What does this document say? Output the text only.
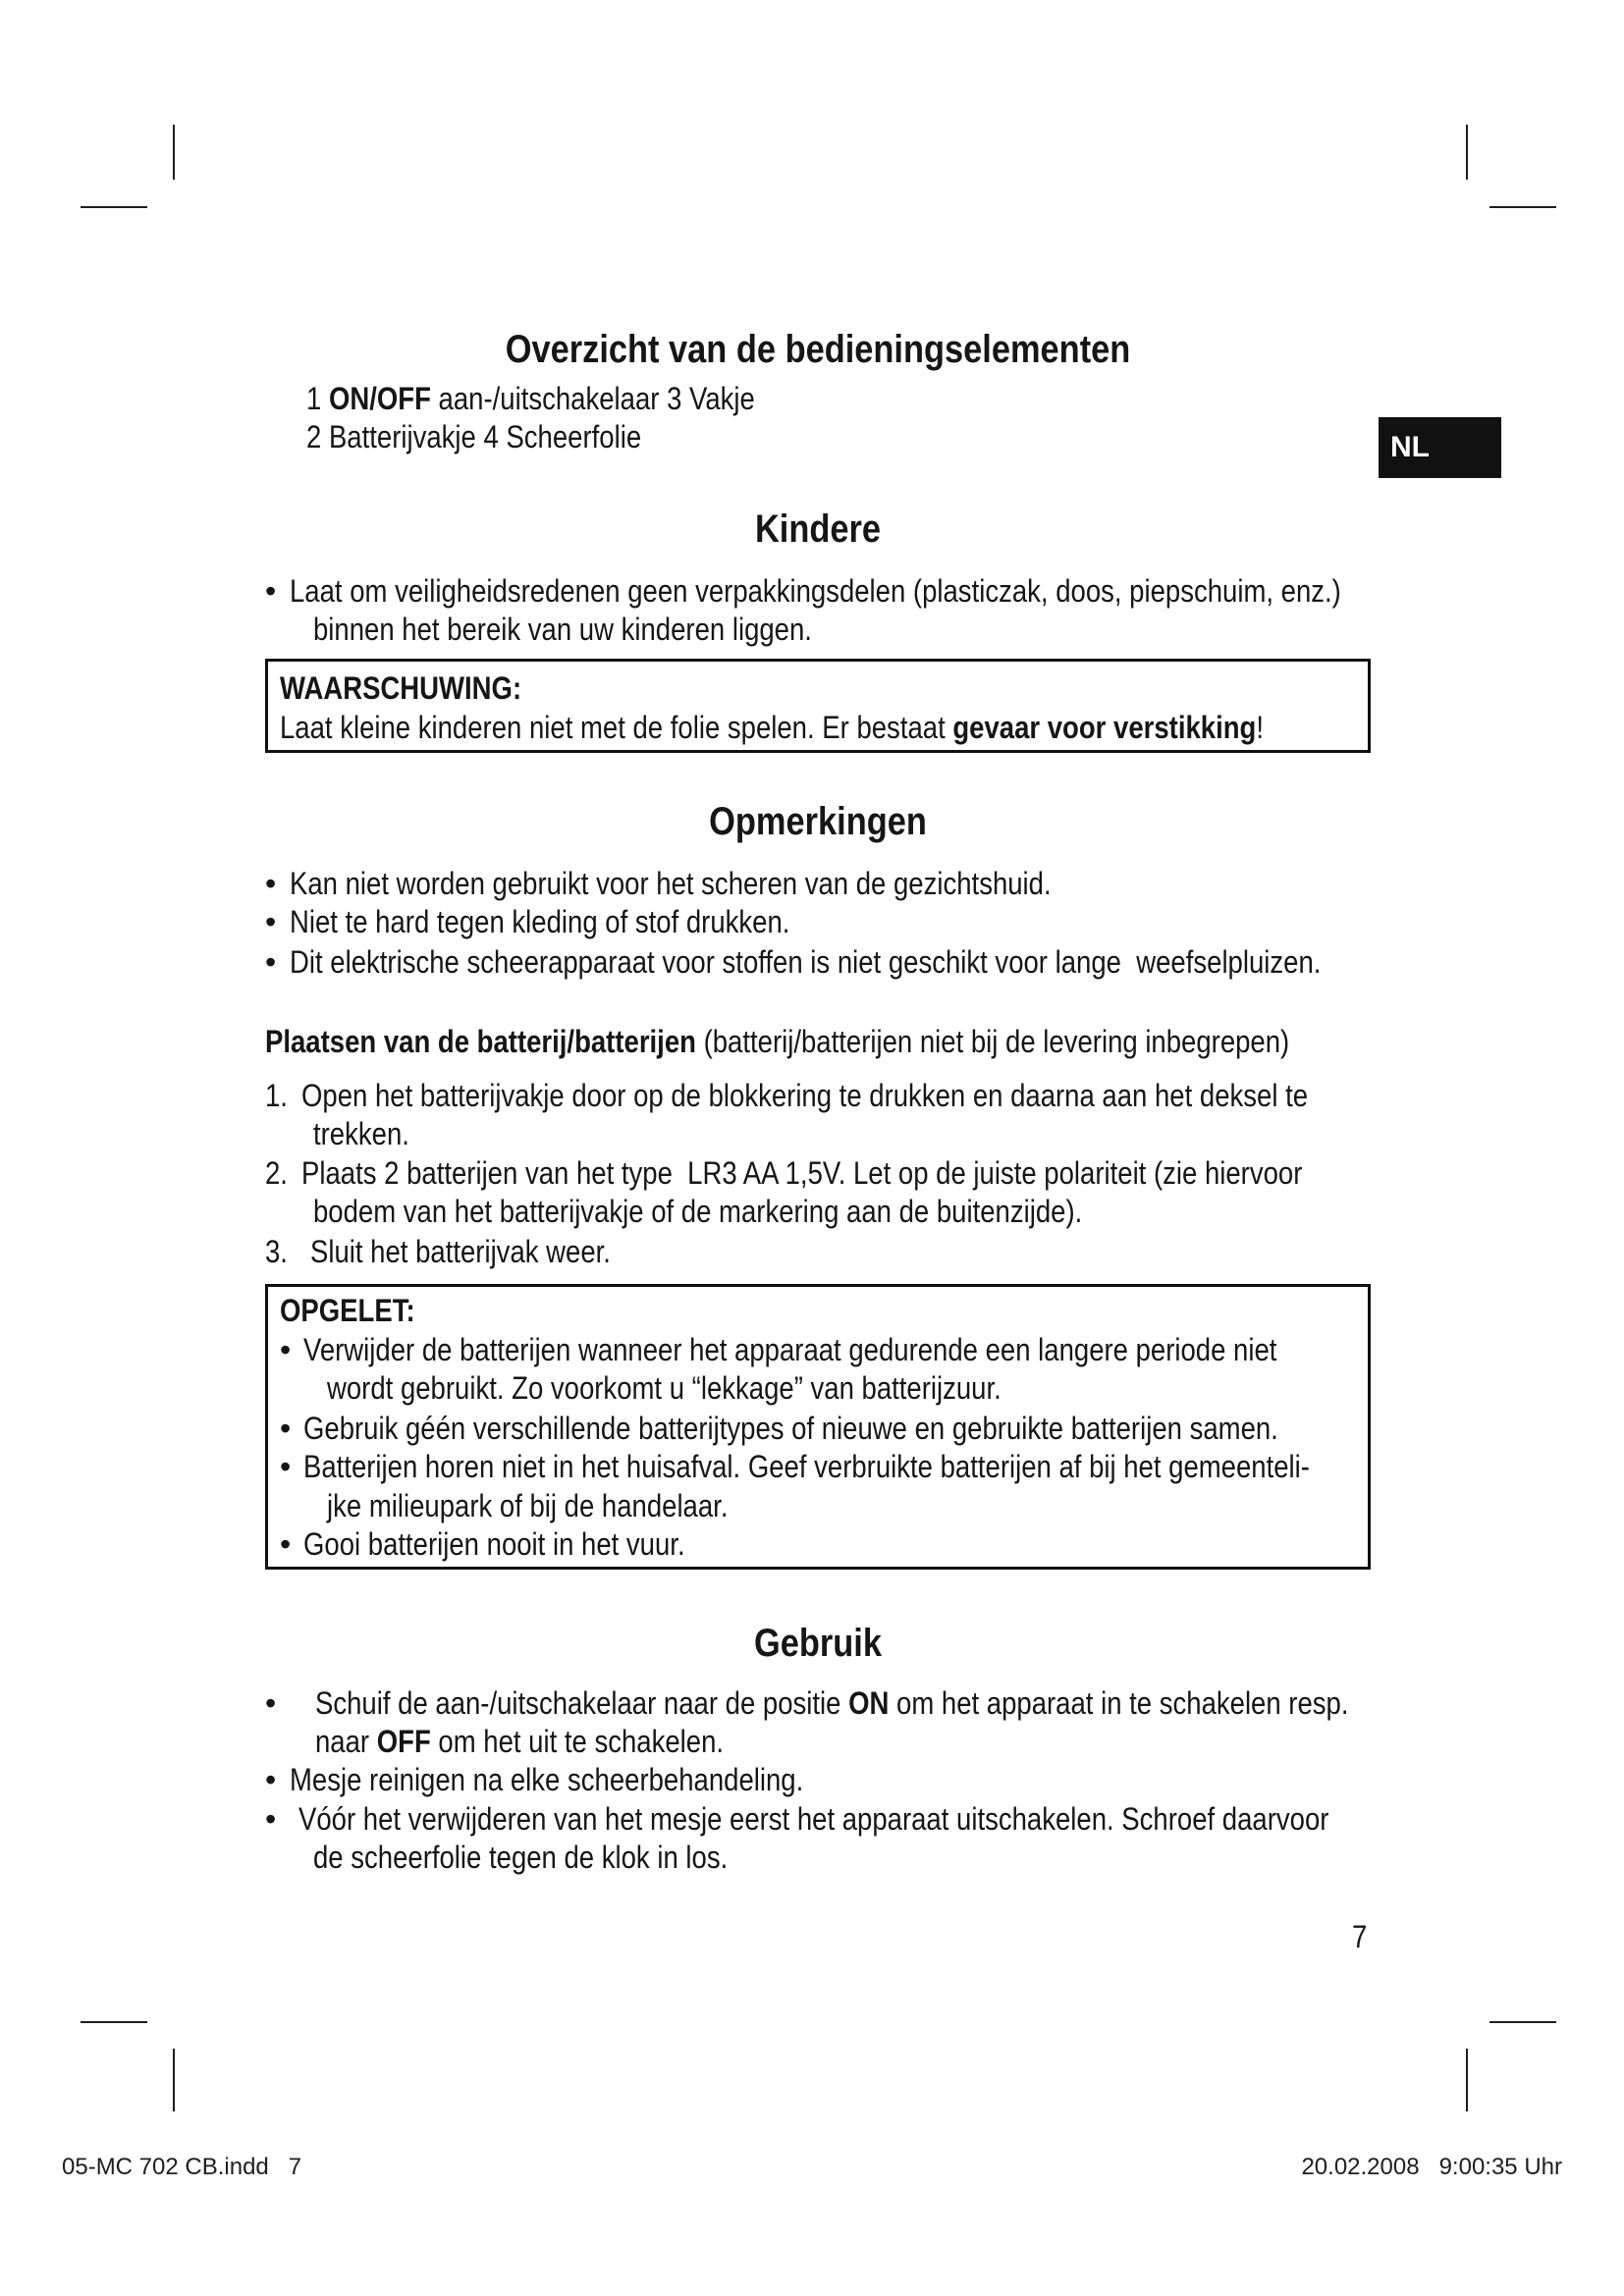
NL
Overzicht van de bedieningselementen
1 ON/OFF aan-/uitschakelaar 3 Vakje
2 Batterijvakje 4 Scheerfolie
Kindere
•
Laat om veiligheidsredenen geen verpakkingsdelen (plasticzak, doos, piepschuim, enz.)
binnen het bereik van uw kinderen liggen.
WAARSCHUWING:
Laat kleine kinderen niet met de folie spelen. Er bestaat gevaar voor verstikking!
Opmerkingen
•
Kan niet worden gebruikt voor het scheren van de gezichtshuid.
•
Niet te hard tegen kleding of stof drukken.
•
Dit elektrische scheerapparaat voor stoffen is niet geschikt voor lange  weefselpluizen.
Plaatsen van de batterij/batterijen (batterij/batterijen niet bij de levering inbegrepen)
1. Open het batterijvakje door op de blokkering te drukken en daarna aan het deksel te
trekken.
2. Plaats 2 batterijen van het type  LR3 AA 1,5V. Let op de juiste polariteit (zie hiervoor
bodem van het batterijvakje of de markering aan de buitenzijde).
3. Sluit het batterijvak weer.
OPGELET:
•
Verwijder de batterijen wanneer het apparaat gedurende een langere periode niet
wordt gebruikt. Zo voorkomt u “lekkage” van batterijzuur.
•
Gebruik géén verschillende batterijtypes of nieuwe en gebruikte batterijen samen.
•
Batterijen horen niet in het huisafval. Geef verbruikte batterijen af bij het gemeenteli-
jke milieupark of bij de handelaar.
•
Gooi batterijen nooit in het vuur.
Gebruik
•
Schuif de aan-/uitschakelaar naar de positie ON om het apparaat in te schakelen resp.
naar OFF om het uit te schakelen.
•
Mesje reinigen na elke scheerbehandeling.
•
Vóór het verwijderen van het mesje eerst het apparaat uitschakelen. Schroef daarvoor
de scheerfolie tegen de klok in los.
7
05-MC 702 CB.indd   7	20.02.2008   9:00:35 Uhr
